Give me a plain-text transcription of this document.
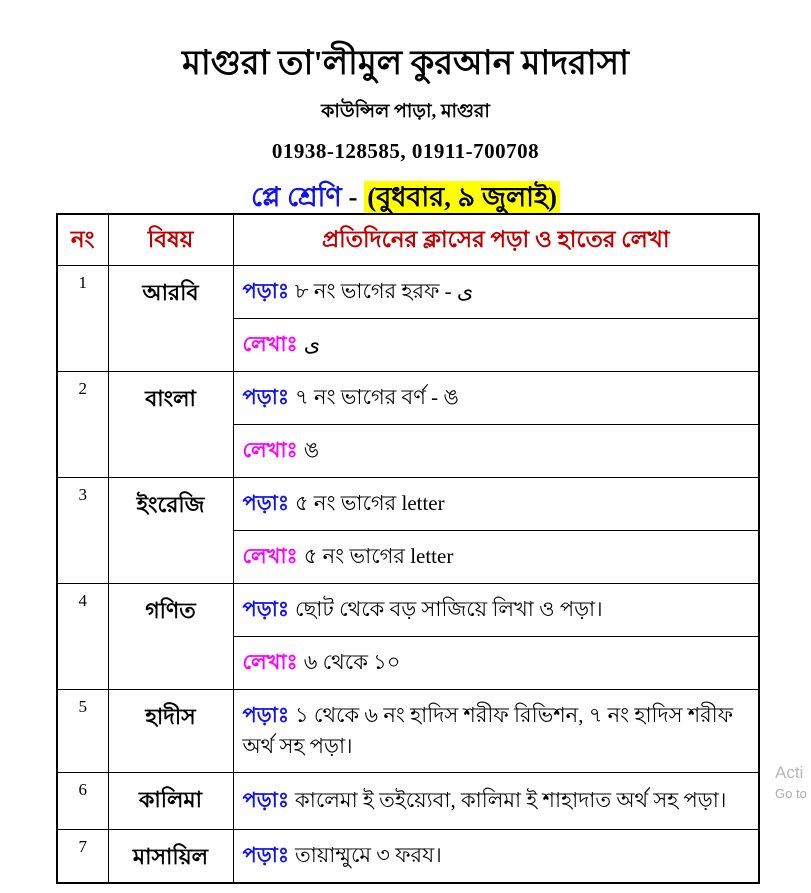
মাগুরা তা'লীমুল কুরআন মাদরাসা
কাউন্সিল পাড়া, মাগুরা
01938-128585, 01911-700708
প্লে শ্রেণি - (বুধবার, ৯ জুলাই)
নং	বিষয়	প্রতিদিনের ক্লাসের পড়া ও হাতের লেখা
1	আরবি	পড়াঃ ৮ নং ভাগের হরফ - ى
		লেখাঃ ى
2	বাংলা	পড়াঃ ৭ নং ভাগের বর্ণ - ঙ
		লেখাঃ ঙ
3	ইংরেজি	পড়াঃ ৫ নং ভাগের letter
		লেখাঃ ৫ নং ভাগের letter
4	গণিত	পড়াঃ ছোট থেকে বড় সাজিয়ে লিখা ও পড়া।
		লেখাঃ ৬ থেকে ১০
5	হাদীস	পড়াঃ ১ থেকে ৬ নং হাদিস শরীফ রিভিশন, ৭ নং হাদিস শরীফ অর্থ সহ পড়া।
6	কালিমা	পড়াঃ কালেমা ই তইয়্যেবা, কালিমা ই শাহাদাত অর্থ সহ পড়া।
7	মাসায়িল	পড়াঃ তায়াম্মুমে ৩ ফরয।
Acti
Go to
